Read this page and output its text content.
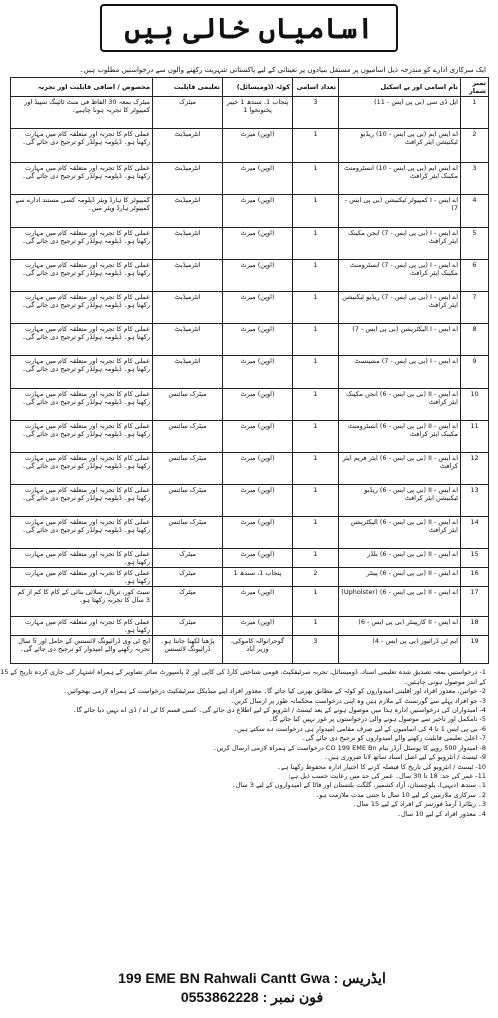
اسامیاں خالی ہیں
ایک سرکاری ادارے کو مندرجہ ذیل اسامیوں پر مستقل بنیادوں پر تعیناتی کے لیے پاکستانی شہریت رکھنے والوں سے درخواستیں مطلوب ہیں۔
نمبر شمار	نام اسامی اور پے اسکیل	تعداد اسامی	کوٹہ (ڈومیسائل)	تعلیمی قابلیت	مخصوص / اضافی قابلیت اور تجربہ
1	ایل ڈی سی (بی پی ایس - 11)	3	پنجاب 1، سندھ 1 خیبر پختونخوا 1	میٹرک	میٹرک بمعہ 30 الفاظ فی منٹ ٹائپنگ سپیڈ اور کمپیوٹر کا تجربہ ہونا چاہیے۔
2	اے ایس ایم (بی پی ایس - 10) ریڈیو ٹیکنیشن ایئر کرافٹ	1	(اوپن) میرٹ	انٹرمیڈیٹ	عملی کام کا تجربہ اور متعلقہ کام میں مہارت رکھتا ہو۔ ڈپلومہ ہولڈر کو ترجیح دی جائے گی۔
3	اے ایس ایم (بی پی ایس - 10) انسٹرومنٹ مکینک ایئر کرافٹ	1	(اوپن) میرٹ	انٹرمیڈیٹ	عملی کام کا تجربہ اور متعلقہ کام میں مہارت رکھتا ہو۔ ڈپلومہ ہولڈر کو ترجیح دی جائے گی۔
4	اے ایس - I کمپیوٹر ٹیکنیشن (بی پی ایس - 7)	1	(اوپن) میرٹ	انٹرمیڈیٹ	کمپیوٹر کا ہارڈ ویئر ڈپلومہ کسی مستند ادارے سے کمپیوٹر ہارڈ ویئر میں۔
5	اے ایس - I (بی پی ایس - 7) انجن مکینک ایئر کرافٹ	1	(اوپن) میرٹ	انٹرمیڈیٹ	عملی کام کا تجربہ اور متعلقہ کام میں مہارت رکھتا ہو۔ ڈپلومہ ہولڈر کو ترجیح دی جائے گی۔
6	اے ایس - I (بی پی ایس - 7) انسٹرومنٹ مکینک ایئر کرافٹ	1	(اوپن) میرٹ	انٹرمیڈیٹ	عملی کام کا تجربہ اور متعلقہ کام میں مہارت رکھتا ہو۔ ڈپلومہ ہولڈر کو ترجیح دی جائے گی۔
7	اے ایس - I (بی پی ایس - 7) ریڈیو ٹیکنیشن ایئر کرافٹ	1	(اوپن) میرٹ	انٹرمیڈیٹ	عملی کام کا تجربہ اور متعلقہ کام میں مہارت رکھتا ہو۔ ڈپلومہ ہولڈر کو ترجیح دی جائے گی۔
8	اے ایس - I الیکٹریشن (بی پی ایس - 7)	1	(اوپن) میرٹ	انٹرمیڈیٹ	عملی کام کا تجربہ اور متعلقہ کام میں مہارت رکھتا ہو۔ ڈپلومہ ہولڈر کو ترجیح دی جائے گی۔
9	اے ایس - I (بی پی ایس - 7) مشینسٹ	1	(اوپن) میرٹ	انٹرمیڈیٹ	عملی کام کا تجربہ اور متعلقہ کام میں مہارت رکھتا ہو۔ ڈپلومہ ہولڈر کو ترجیح دی جائے گی۔
10	اے ایس - II (بی پی ایس - 6) انجن مکینک ایئر کرافٹ	1	(اوپن) میرٹ	میٹرک سائنس	عملی کام کا تجربہ اور متعلقہ کام میں مہارت رکھتا ہو۔ ڈپلومہ ہولڈر کو ترجیح دی جائے گی۔
11	اے ایس - II (بی پی ایس - 6) انسٹرومنٹ مکینک ایئر کرافٹ	1	(اوپن) میرٹ	میٹرک سائنس	عملی کام کا تجربہ اور متعلقہ کام میں مہارت رکھتا ہو۔ ڈپلومہ ہولڈر کو ترجیح دی جائے گی۔
12	اے ایس - II (بی پی ایس - 6) ایئر فریم ایئر کرافٹ	1	(اوپن) میرٹ	میٹرک سائنس	عملی کام کا تجربہ اور متعلقہ کام میں مہارت رکھتا ہو۔ ڈپلومہ ہولڈر کو ترجیح دی جائے گی۔
13	اے ایس - II (بی پی ایس - 6) ریڈیو ٹیکنیشن ایئر کرافٹ	1	(اوپن) میرٹ	میٹرک سائنس	عملی کام کا تجربہ اور متعلقہ کام میں مہارت رکھتا ہو۔ ڈپلومہ ہولڈر کو ترجیح دی جائے گی۔
14	اے ایس - II (بی پی ایس - 6) الیکٹریشن ایئر کرافٹ	1	(اوپن) میرٹ	میٹرک سائنس	عملی کام کا تجربہ اور متعلقہ کام میں مہارت رکھتا ہو۔ ڈپلومہ ہولڈر کو ترجیح دی جائے گی۔
15	اے ایس - II (بی پی ایس - 6) بلڈر	1	(اوپن) میرٹ	میٹرک	عملی کام کا تجربہ اور متعلقہ کام میں مہارت رکھتا ہو۔
16	اے ایس - II (بی پی ایس - 6) پینٹر	2	پنجاب 1، سندھ 1	میٹرک	عملی کام کا تجربہ اور متعلقہ کام میں مہارت رکھتا ہو۔
17	اے ایس - II (بی پی ایس - 6) (Upholster)	1	(اوپن) میرٹ	میٹرک	سیٹ کور، ترپال، سلائی بنائی کے کام کا کم از کم 3 سال کا تجربہ رکھتا ہو۔
18	اے ایس - II کارپینٹر (بی پی ایس - 6)	1	(اوپن) میرٹ	میٹرک	عملی کام کا تجربہ اور متعلقہ کام میں مہارت رکھتا ہو۔
19	ایم ٹی ڈرائیور (بی پی ایس - 4)	3	گوجرانوالہ کاموکی، وزیر آباد	پڑھنا لکھنا جانتا ہو۔ ڈرائیونگ لائسنس	ایچ ٹی وی ڈرائیونگ لائسنس کے حامل اور 5 سال تجربہ رکھنے والے امیدوار کو ترجیح دی جائے گی۔
1- درخواستیں بمعہ تصدیق شدہ تعلیمی اسناد، ڈومیسائل، تجربہ سرٹیفکیٹ، قومی شناختی کارڈ کی کاپی اور 2 پاسپورٹ سائز تصاویر کے ہمراہ اشتہار کی جاری کردہ تاریخ کے 15
کے اندر موصول ہونی چاہئیں۔
2- خواتین، معذور افراد اور اقلیتی امیدواروں کو کوٹہ کے مطابق بھرتی کیا جائے گا۔ معذور افراد اپنے میڈیکل سرٹیفکیٹ درخواست کے ہمراہ لازمی بھجوائیں۔
3- جو افراد پہلے سے گورنمنٹ کے ملازم ہیں وہ اپنی درخواست محکمانہ طور پر ارسال کریں۔
4- امیدواران کی درخواستیں ادارہ ہذا میں موصول ہونے کے بعد ٹیسٹ / انٹرویو کے لیے اطلاع دی جائے گی۔ کسی قسم کا ٹی اے / ڈی اے نہیں دیا جائے گا۔
5- نامکمل اور تاخیر سے موصول ہونے والی درخواستوں پر غور نہیں کیا جائے گا۔
6- بی پی ایس 1 تا 4 کی اسامیوں کے لیے صرف مقامی امیدوار ہی درخواست دے سکتے ہیں۔
7- اعلیٰ تعلیمی قابلیت رکھنے والے امیدواروں کو ترجیح دی جائے گی۔
8- امیدوار 500 روپے کا پوسٹل آرڈر بنام CO 199 EME Bn درخواست کے ہمراہ لازمی ارسال کریں۔
9- ٹیسٹ / انٹرویو کے لیے اصل اسناد ساتھ لانا ضروری ہیں۔
10- ٹیسٹ / انٹرویو کی تاریخ کا فیصلہ کرنے کا اختیار ادارہ محفوظ رکھتا ہے۔
11- عمر کی حد: 18 تا 30 سال۔ عمر کی حد میں رعایت حسب ذیل ہے:
1۔ سندھ (دیہی)، بلوچستان، آزاد کشمیر، گلگت بلتستان اور فاٹا کے امیدواروں کے لیے 3 سال۔
2۔ سرکاری ملازمین کے لیے 10 سال یا جتنی مدت ملازمت ہو۔
3۔ ریٹائرڈ آرمڈ فورسز کے افراد کے لیے 15 سال۔
4۔ معذور افراد کے لیے 10 سال۔
199 EME BN Rahwali Cantt Gwa : ایڈریس
0553862228 : فون نمبر
